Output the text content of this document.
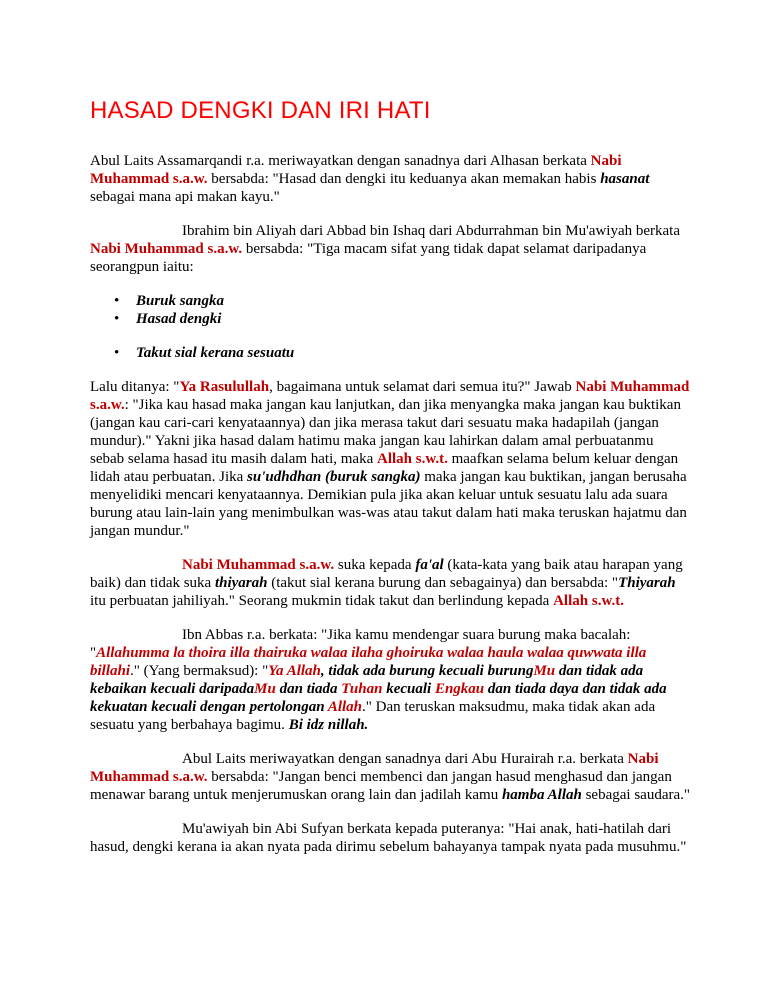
HASAD DENGKI DAN IRI HATI

Abul Laits Assamarqandi r.a. meriwayatkan dengan sanadnya dari Alhasan berkata Nabi Muhammad s.a.w. bersabda: "Hasad dan dengki itu keduanya akan memakan habis hasanat sebagai mana api makan kayu."

Ibrahim bin Aliyah dari Abbad bin Ishaq dari Abdurrahman bin Mu'awiyah berkata Nabi Muhammad s.a.w. bersabda: "Tiga macam sifat yang tidak dapat selamat daripadanya seorangpun iaitu:

• Buruk sangka
• Hasad dengki
• Takut sial kerana sesuatu

Lalu ditanya: "Ya Rasulullah, bagaimana untuk selamat dari semua itu?" Jawab Nabi Muhammad s.a.w.: "Jika kau hasad maka jangan kau lanjutkan, dan jika menyangka maka jangan kau buktikan (jangan kau cari-cari kenyataannya) dan jika merasa takut dari sesuatu maka hadapilah (jangan mundur)." Yakni jika hasad dalam hatimu maka jangan kau lahirkan dalam amal perbuatanmu sebab selama hasad itu masih dalam hati, maka Allah s.w.t. maafkan selama belum keluar dengan lidah atau perbuatan. Jika su'udhdhan (buruk sangka) maka jangan kau buktikan, jangan berusaha menyelidiki mencari kenyataannya. Demikian pula jika akan keluar untuk sesuatu lalu ada suara burung atau lain-lain yang menimbulkan was-was atau takut dalam hati maka teruskan hajatmu dan jangan mundur."

Nabi Muhammad s.a.w. suka kepada fa'al (kata-kata yang baik atau harapan yang baik) dan tidak suka thiyarah (takut sial kerana burung dan sebagainya) dan bersabda: "Thiyarah itu perbuatan jahiliyah." Seorang mukmin tidak takut dan berlindung kepada Allah s.w.t.

Ibn Abbas r.a. berkata: "Jika kamu mendengar suara burung maka bacalah: "Allahumma la thoira illa thairuka walaa ilaha ghoiruka walaa haula walaa quwwata illa billahi." (Yang bermaksud): "Ya Allah, tidak ada burung kecuali burungMu dan tidak ada kebaikan kecuali daripadaMu dan tiada Tuhan kecuali Engkau dan tiada daya dan tidak ada kekuatan kecuali dengan pertolongan Allah." Dan teruskan maksudmu, maka tidak akan ada sesuatu yang berbahaya bagimu. Bi idz nillah.

Abul Laits meriwayatkan dengan sanadnya dari Abu Hurairah r.a. berkata Nabi Muhammad s.a.w. bersabda: "Jangan benci membenci dan jangan hasud menghasud dan jangan menawar barang untuk menjerumuskan orang lain dan jadilah kamu hamba Allah sebagai saudara."

Mu'awiyah bin Abi Sufyan berkata kepada puteranya: "Hai anak, hati-hatilah dari hasud, dengki kerana ia akan nyata pada dirimu sebelum bahayanya tampak nyata pada musuhmu."
